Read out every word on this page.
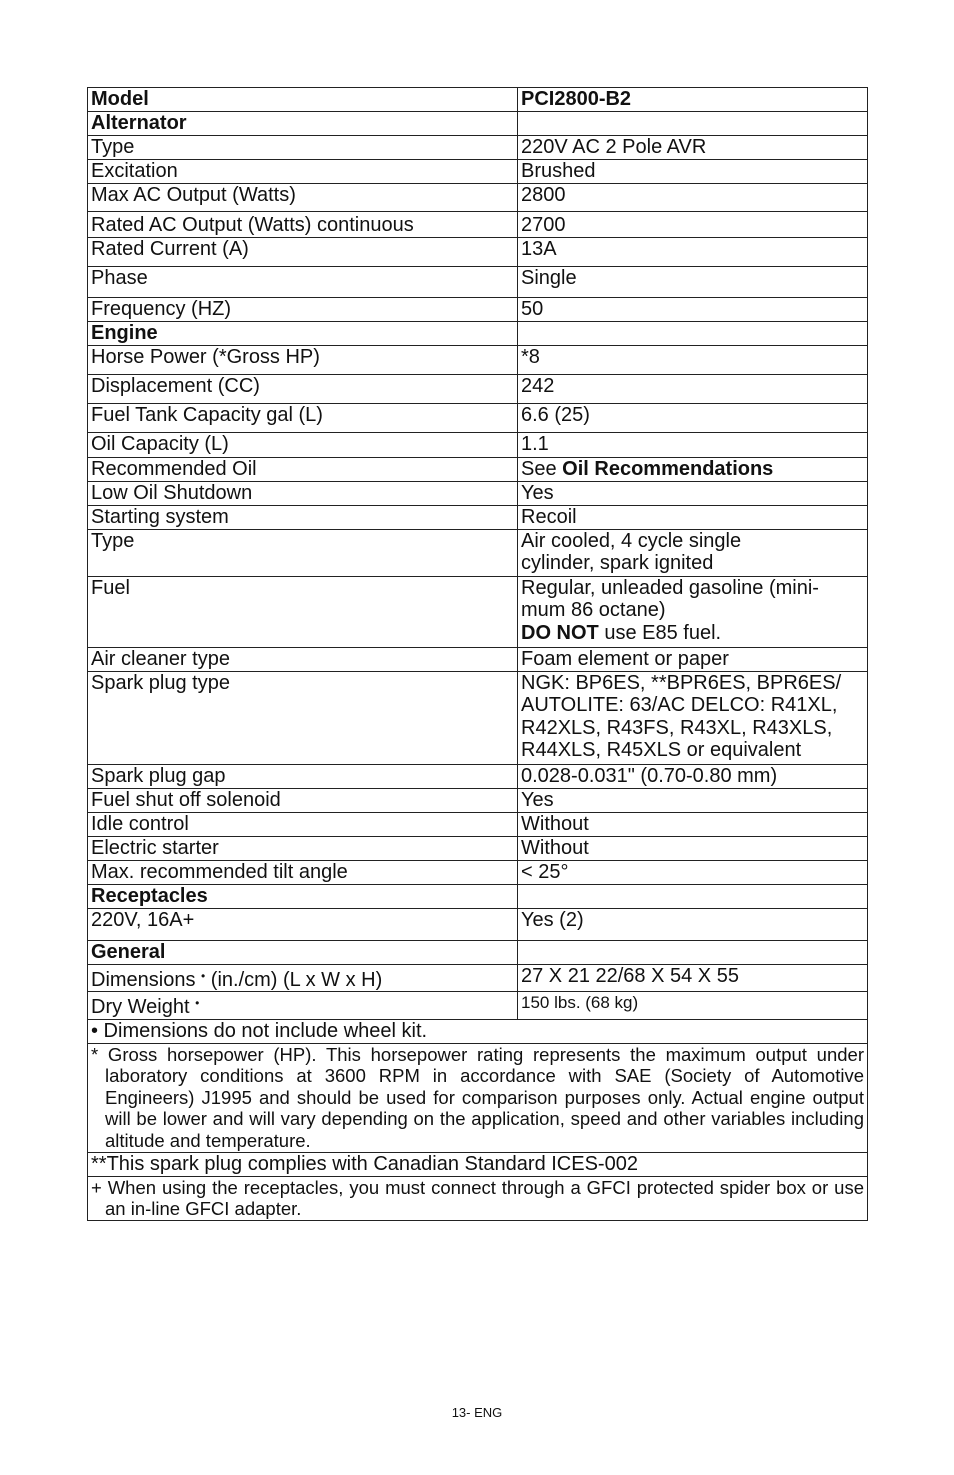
Model	PCI2800-B2
Alternator	
Type	220V AC 2 Pole AVR
Excitation	Brushed
Max AC Output (Watts)	2800
Rated AC Output (Watts) continuous	2700
Rated Current (A)	13A
Phase	Single
Frequency (HZ)	50
Engine	
Horse Power (*Gross HP)	*8
Displacement (CC)	242
Fuel Tank Capacity gal (L)	6.6 (25)
Oil Capacity (L)	1.1
Recommended Oil	See Oil Recommendations
Low Oil Shutdown	Yes
Starting system	Recoil
Type	Air cooled, 4 cycle single
cylinder, spark ignited

Fuel	Regular, unleaded gasoline (mini-
mum 86 octane)
DO NOT use E85 fuel.

Air cleaner type	Foam element or paper
Spark plug type	NGK: BP6ES, **BPR6ES, BPR6ES/
AUTOLITE: 63/AC DELCO: R41XL,
R42XLS, R43FS, R43XL, R43XLS,
R44XLS, R45XLS or equivalent

Spark plug gap	0.028-0.031" (0.70-0.80 mm)
Fuel shut off solenoid	Yes
Idle control	Without
Electric starter	Without
Max. recommended tilt angle	< 25°
Receptacles	
220V, 16A+	Yes (2)
General	
Dimensions • (in./cm) (L x W x H)	27 X 21 22/68 X 54 X 55
Dry Weight •	150 lbs. (68 kg)
• Dimensions do not include wheel kit.	

* Gross horsepower (HP). This horsepower rating represents the maximum output under laboratory conditions at 3600 RPM in accordance with SAE (Society of Automotive Engineers) J1995 and should be used for comparison purposes only. Actual engine output will be lower and will vary depending on the application, speed and other variables including altitude and temperature.	

**This spark plug complies with Canadian Standard ICES-002	

+ When using the receptacles, you must connect through a GFCI protected spider box or use an in-line GFCI adapter.	

13- ENG
